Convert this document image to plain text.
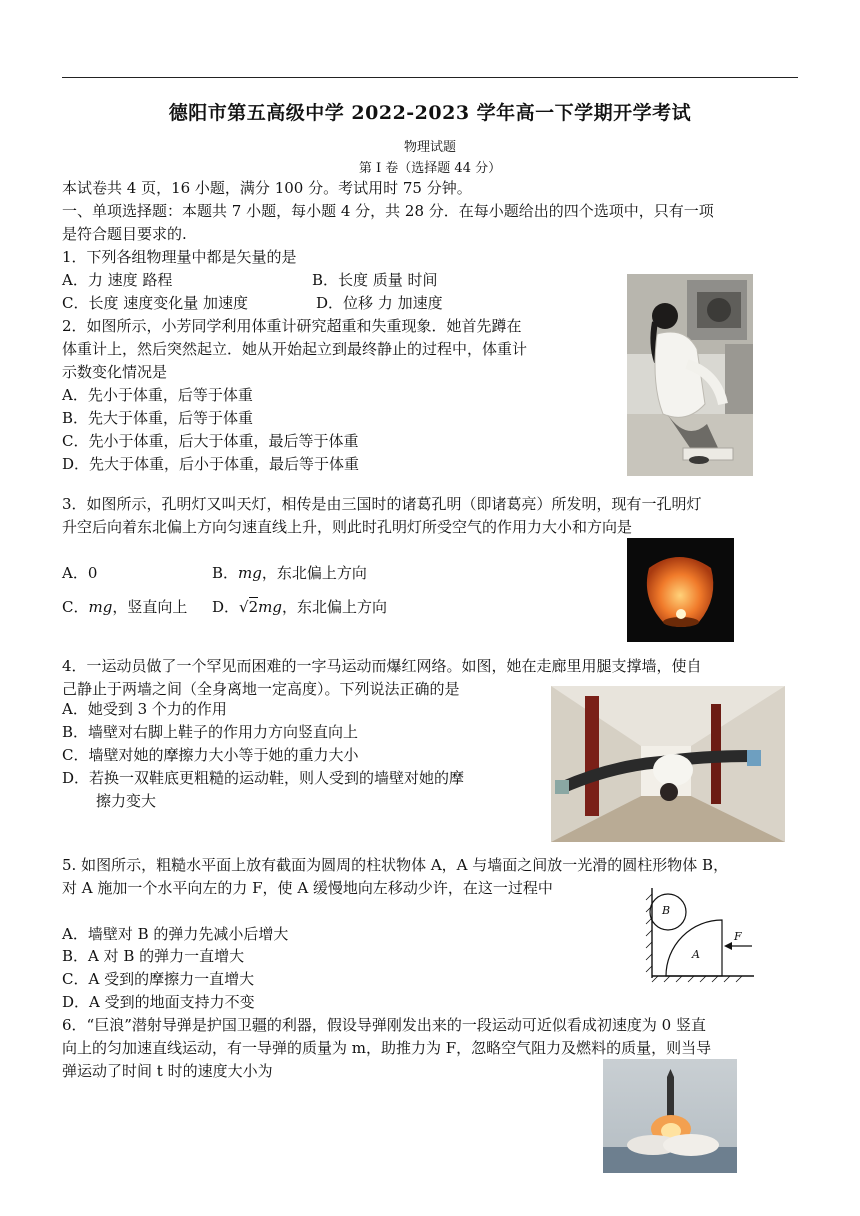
德阳市第五高级中学 2022-2023 学年高一下学期开学考试
物理试题
第 I 卷（选择题 44 分）
本试卷共 4 页，16 小题，满分 100 分。考试用时 75 分钟。
一、单项选择题：本题共 7 小题，每小题 4 分，共 28 分．在每小题给出的四个选项中，只有一项
是符合题目要求的.
1．下列各组物理量中都是矢量的是
A．力 速度 路程	B．长度 质量 时间
C．长度 速度变化量 加速度	D．位移 力 加速度
2．如图所示，小芳同学利用体重计研究超重和失重现象．她首先蹲在
体重计上，然后突然起立．她从开始起立到最终静止的过程中，体重计
示数变化情况是
A．先小于体重，后等于体重
B．先大于体重，后等于体重
C．先小于体重，后大于体重，最后等于体重
D．先大于体重，后小于体重，最后等于体重
3．如图所示，孔明灯又叫天灯，相传是由三国时的诸葛孔明（即诸葛亮）所发明，现有一孔明灯
升空后向着东北偏上方向匀速直线上升，则此时孔明灯所受空气的作用力大小和方向是
A．0	B．mg，东北偏上方向
C．mg，竖直向上 D．√2mg，东北偏上方向
4．一运动员做了一个罕见而困难的一字马运动而爆红网络。如图，她在走廊里用腿支撑墙，使自
己静止于两墙之间（全身离地一定高度）。下列说法正确的是
A．她受到 3 个力的作用
B．墙壁对右脚上鞋子的作用力方向竖直向上
C．墙壁对她的摩擦力大小等于她的重力大小
D．若换一双鞋底更粗糙的运动鞋，则人受到的墙壁对她的摩
擦力变大
5. 如图所示，粗糙水平面上放有截面为圆周的柱状物体 A，A 与墙面之间放一光滑的圆柱形物体 B，
对 A 施加一个水平向左的力 F，使 A 缓慢地向左移动少许，在这一过程中
A．墙壁对 B 的弹力先减小后增大
B．A 对 B 的弹力一直增大
C．A 受到的摩擦力一直增大
D．A 受到的地面支持力不变
B
A
F
6．“巨浪”潜射导弹是护国卫疆的利器，假设导弹刚发出来的一段运动可近似看成初速度为 0 竖直
向上的匀加速直线运动，有一导弹的质量为 m，助推力为 F，忽略空气阻力及燃料的质量，则当导
弹运动了时间 t 时的速度大小为
